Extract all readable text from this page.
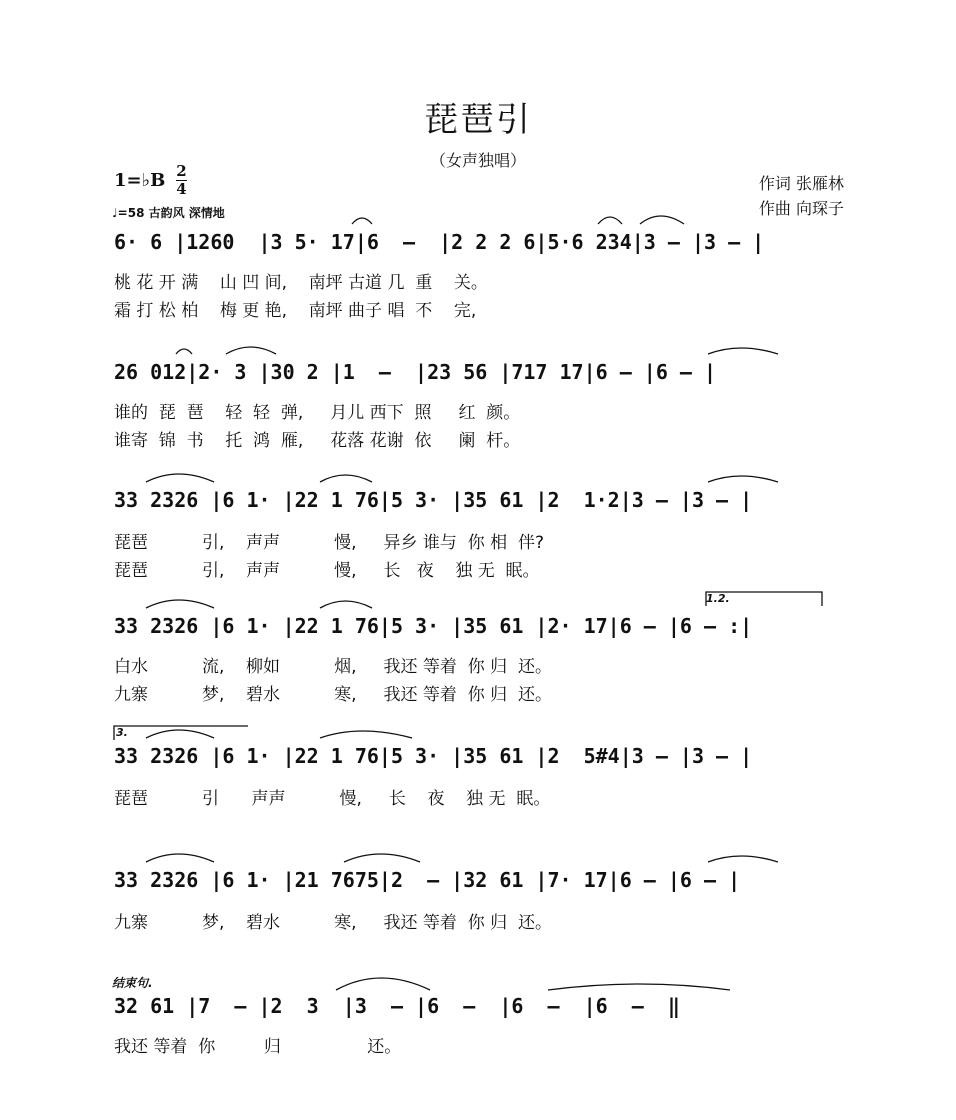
琵琶引
（女声独唱）
1=♭B 2
4
♩=58 古韵风 深情地
作词 张雁林
作曲 向琛子
6· 6 |1260  |3 5· 17|6  –  |2 2 2 6|5·6 234|3 – |3 – |
桃 花 开 满    山 凹 间,    南坪 古道 几  重    关。
霜 打 松 柏    梅 更 艳,    南坪 曲子 唱  不    完,
26 012|2· 3 |30 2 |1  –  |23 56 |717 17|6 – |6 – |
谁的  琵  琶    轻  轻  弹,     月儿 西下  照     红  颜。
谁寄  锦  书    托  鸿  雁,     花落 花谢  依     阑  杆。
33 2326 |6 1· |22 1 76|5 3· |35 61 |2  1·2|3 – |3 – |
琵琶          引,    声声          慢,     异乡 谁与  你 相  伴?
琵琶          引,    声声          慢,     长   夜    独 无  眠。
1.2.
33 2326 |6 1· |22 1 76|5 3· |35 61 |2· 17|6 – |6 – :|
白水          流,    柳如          烟,     我还 等着  你 归  还。
九寨          梦,    碧水          寒,     我还 等着  你 归  还。
3.
33 2326 |6 1· |22 1 76|5 3· |35 61 |2  5#4|3 – |3 – |
琵琶          引      声声          慢,     长    夜    独 无  眠。
33 2326 |6 1· |21 7675|2  – |32 61 |7· 17|6 – |6 – |
九寨          梦,    碧水          寒,     我还 等着  你 归  还。
结束句.
32 61 |7  – |2  3  |3  – |6  –  |6  –  |6  –  ‖
我还 等着  你         归                还。
